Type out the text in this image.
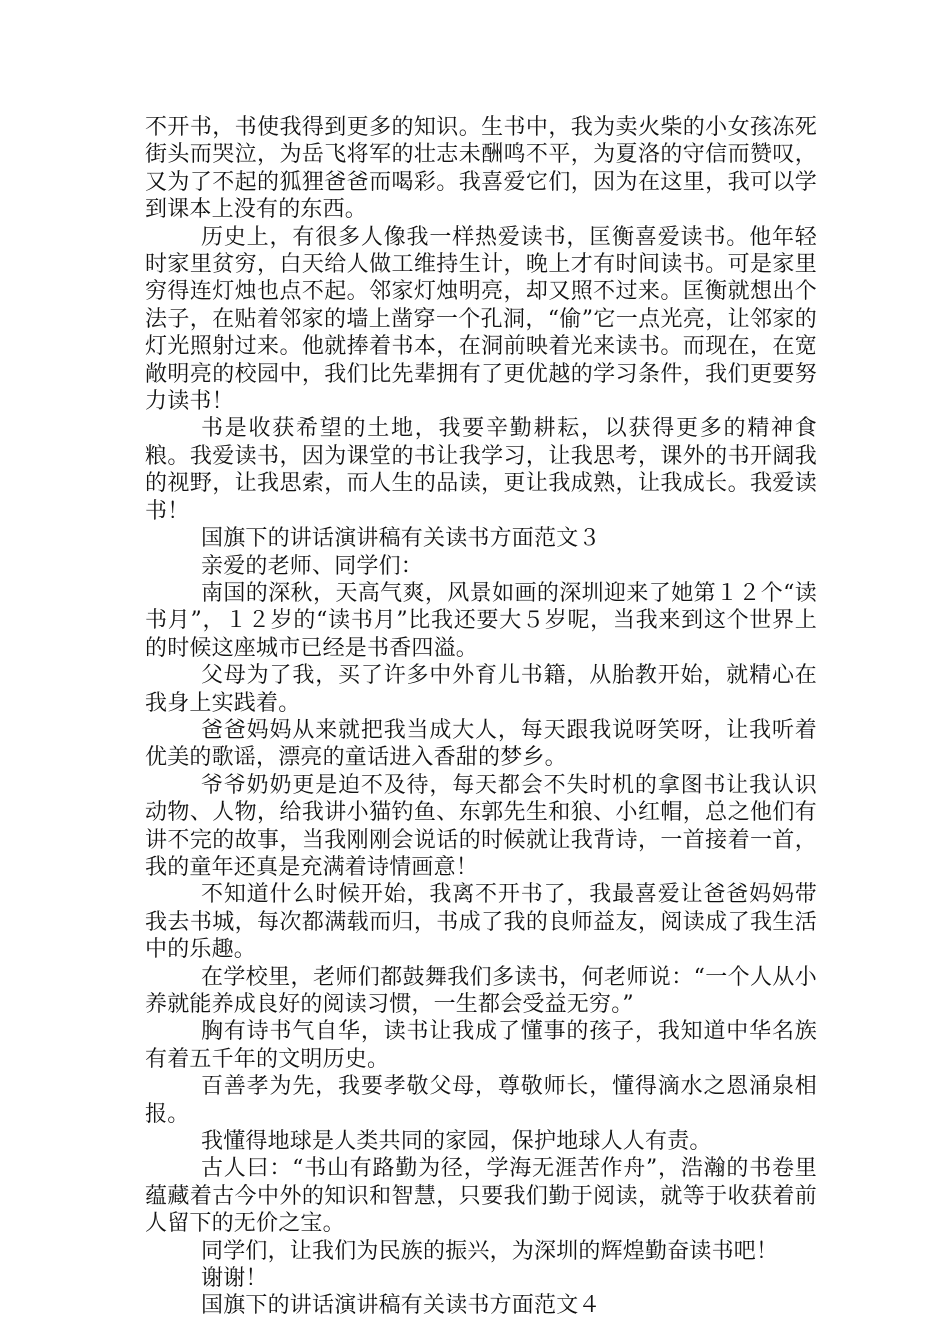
不开书，书使我得到更多的知识。生书中，我为卖火柴的小女孩冻死街头而哭泣，为岳飞将军的壮志未酬鸣不平，为夏洛的守信而赞叹，又为了不起的狐狸爸爸而喝彩。我喜爱它们，因为在这里，我可以学到课本上没有的东西。

历史上，有很多人像我一样热爱读书，匡衡喜爱读书。他年轻时家里贫穷，白天给人做工维持生计，晚上才有时间读书。可是家里穷得连灯烛也点不起。邻家灯烛明亮，却又照不过来。匡衡就想出个法子，在贴着邻家的墙上凿穿一个孔洞，“偷”它一点光亮，让邻家的灯光照射过来。他就捧着书本，在洞前映着光来读书。而现在，在宽敞明亮的校园中，我们比先辈拥有了更优越的学习条件，我们更要努力读书！

书是收获希望的土地，我要辛勤耕耘，以获得更多的精神食粮。我爱读书，因为课堂的书让我学习，让我思考，课外的书开阔我的视野，让我思索，而人生的品读，更让我成熟，让我成长。我爱读书！

国旗下的讲话演讲稿有关读书方面范文３

亲爱的老师、同学们：

南国的深秋，天高气爽，风景如画的深圳迎来了她第１２个“读书月”，１２岁的“读书月”比我还要大５岁呢，当我来到这个世界上的时候这座城市已经是书香四溢。

父母为了我，买了许多中外育儿书籍，从胎教开始，就精心在我身上实践着。

爸爸妈妈从来就把我当成大人，每天跟我说呀笑呀，让我听着优美的歌谣，漂亮的童话进入香甜的梦乡。

爷爷奶奶更是迫不及待，每天都会不失时机的拿图书让我认识动物、人物，给我讲小猫钓鱼、东郭先生和狼、小红帽，总之他们有讲不完的故事，当我刚刚会说话的时候就让我背诗，一首接着一首，我的童年还真是充满着诗情画意！

不知道什么时候开始，我离不开书了，我最喜爱让爸爸妈妈带我去书城，每次都满载而归，书成了我的良师益友，阅读成了我生活中的乐趣。

在学校里，老师们都鼓舞我们多读书，何老师说：“一个人从小养就能养成良好的阅读习惯，一生都会受益无穷。”

胸有诗书气自华，读书让我成了懂事的孩子，我知道中华名族有着五千年的文明历史。

百善孝为先，我要孝敬父母，尊敬师长，懂得滴水之恩涌泉相报。

我懂得地球是人类共同的家园，保护地球人人有责。

古人曰：“书山有路勤为径，学海无涯苦作舟”，浩瀚的书卷里蕴藏着古今中外的知识和智慧，只要我们勤于阅读，就等于收获着前人留下的无价之宝。

同学们，让我们为民族的振兴，为深圳的辉煌勤奋读书吧！

谢谢！

国旗下的讲话演讲稿有关读书方面范文４
